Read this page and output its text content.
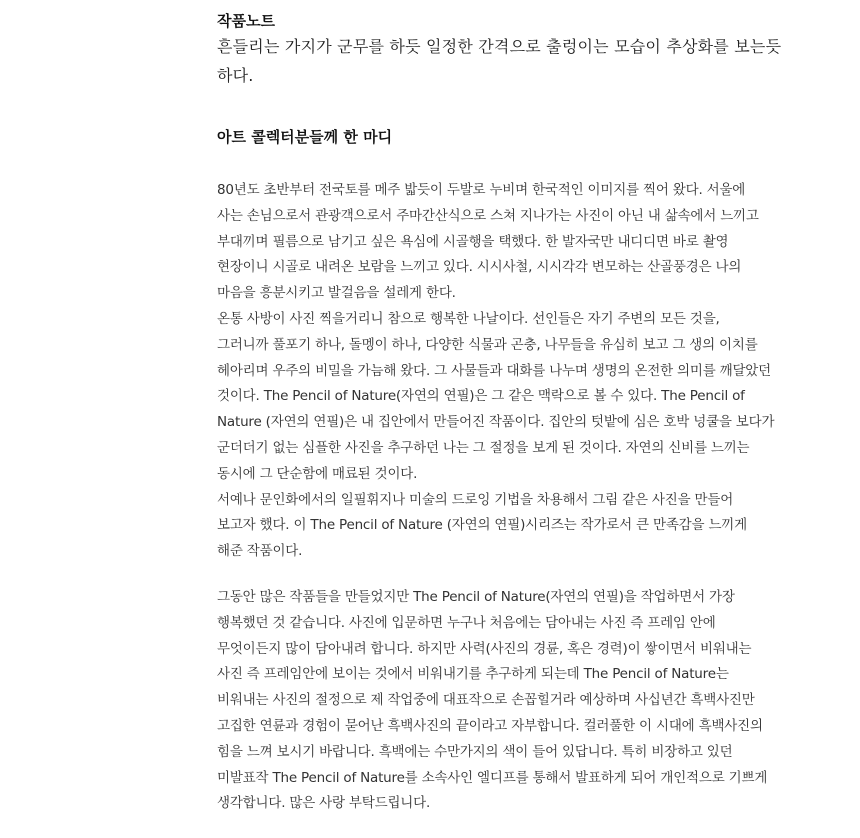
작품노트

흔들리는 가지가 군무를 하듯 일정한 간격으로 출렁이는 모습이 추상화를 보는듯
하다.

아트 콜렉터분들께 한 마디

80년도 초반부터 전국토를 메주 밟듯이 두발로 누비며 한국적인 이미지를 찍어 왔다. 서울에
사는 손님으로서 관광객으로서 주마간산식으로 스쳐 지나가는 사진이 아닌 내 삶속에서 느끼고
부대끼며 필름으로 남기고 싶은 욕심에 시골행을 택했다. 한 발자국만 내디디면 바로 촬영
현장이니 시골로 내려온 보람을 느끼고 있다. 시시사철, 시시각각 변모하는 산골풍경은 나의
마음을 흥분시키고 발걸음을 설레게 한다.
온통 사방이 사진 찍을거리니 참으로 행복한 나날이다. 선인들은 자기 주변의 모든 것을,
그러니까 풀포기 하나, 돌멩이 하나, 다양한 식물과 곤충, 나무들을 유심히 보고 그 생의 이치를
헤아리며 우주의 비밀을 가늠해 왔다. 그 사물들과 대화를 나누며 생명의 온전한 의미를 깨달았던
것이다. The Pencil of Nature(자연의 연필)은 그 같은 맥락으로 볼 수 있다. The Pencil of
Nature (자연의 연필)은 내 집안에서 만들어진 작품이다. 집안의 텃밭에 심은 호박 넝쿨을 보다가
군더더기 없는 심플한 사진을 추구하던 나는 그 절정을 보게 된 것이다. 자연의 신비를 느끼는
동시에 그 단순함에 매료된 것이다.
서예나 문인화에서의 일필휘지나 미술의 드로잉 기법을 차용해서 그림 같은 사진을 만들어
보고자 했다. 이 The Pencil of Nature (자연의 연필)시리즈는 작가로서 큰 만족감을 느끼게
해준 작품이다.

그동안 많은 작품들을 만들었지만 The Pencil of Nature(자연의 연필)을 작업하면서 가장
행복했던 것 같습니다. 사진에 입문하면 누구나 처음에는 담아내는 사진 즉 프레임 안에
무엇이든지 많이 담아내려 합니다. 하지만 사력(사진의 경륜, 혹은 경력)이 쌓이면서 비워내는
사진 즉 프레임안에 보이는 것에서 비워내기를 추구하게 되는데 The Pencil of Nature는
비워내는 사진의 절정으로 제 작업중에 대표작으로 손꼽힐거라 예상하며 사십년간 흑백사진만
고집한 연륜과 경험이 묻어난 흑백사진의 끝이라고 자부합니다. 컬러풀한 이 시대에 흑백사진의
힘을 느껴 보시기 바랍니다. 흑백에는 수만가지의 색이 들어 있답니다. 특히 비장하고 있던
미발표작 The Pencil of Nature를 소속사인 엘디프를 통해서 발표하게 되어 개인적으로 기쁘게
생각합니다. 많은 사랑 부탁드립니다.
